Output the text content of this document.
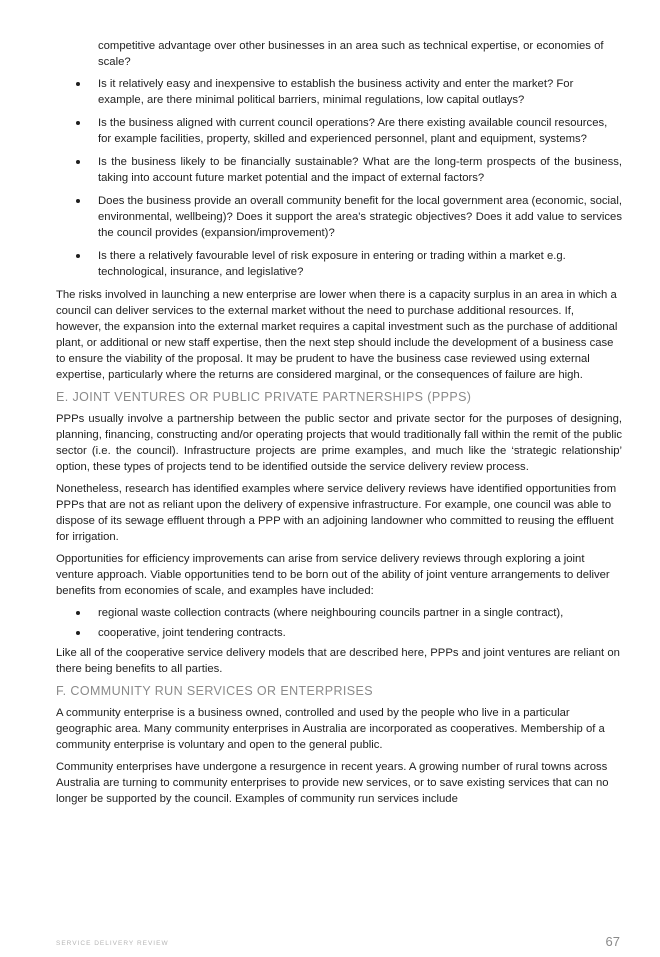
competitive advantage over other businesses in an area such as technical expertise, or economies of scale?

Is it relatively easy and inexpensive to establish the business activity and enter the market? For example, are there minimal political barriers, minimal regulations, low capital outlays?
Is the business aligned with current council operations? Are there existing available council resources, for example facilities, property, skilled and experienced personnel, plant and equipment, systems?
Is the business likely to be financially sustainable? What are the long-term prospects of the business, taking into account future market potential and the impact of external factors?
Does the business provide an overall community benefit for the local government area (economic, social, environmental, wellbeing)? Does it support the area's strategic objectives? Does it add value to services the council provides (expansion/improvement)?
Is there a relatively favourable level of risk exposure in entering or trading within a market e.g. technological, insurance, and legislative?

The risks involved in launching a new enterprise are lower when there is a capacity surplus in an area in which a council can deliver services to the external market without the need to purchase additional resources. If, however, the expansion into the external market requires a capital investment such as the purchase of additional plant, or additional or new staff expertise, then the next step should include the development of a business case to ensure the viability of the proposal. It may be prudent to have the business case reviewed using external expertise, particularly where the returns are considered marginal, or the consequences of failure are high.

E. JOINT VENTURES OR PUBLIC PRIVATE PARTNERSHIPS (PPPS)

PPPs usually involve a partnership between the public sector and private sector for the purposes of designing, planning, financing, constructing and/or operating projects that would traditionally fall within the remit of the public sector (i.e. the council). Infrastructure projects are prime examples, and much like the ‘strategic relationship’ option, these types of projects tend to be identified outside the service delivery review process.

Nonetheless, research has identified examples where service delivery reviews have identified opportunities from PPPs that are not as reliant upon the delivery of expensive infrastructure. For example, one council was able to dispose of its sewage effluent through a PPP with an adjoining landowner who committed to reusing the effluent for irrigation.

Opportunities for efficiency improvements can arise from service delivery reviews through exploring a joint venture approach. Viable opportunities tend to be born out of the ability of joint venture arrangements to deliver benefits from economies of scale, and examples have included:

regional waste collection contracts (where neighbouring councils partner in a single contract),
cooperative, joint tendering contracts.

Like all of the cooperative service delivery models that are described here, PPPs and joint ventures are reliant on there being benefits to all parties.

F. COMMUNITY RUN SERVICES OR ENTERPRISES

A community enterprise is a business owned, controlled and used by the people who live in a particular geographic area. Many community enterprises in Australia are incorporated as cooperatives. Membership of a community enterprise is voluntary and open to the general public.

Community enterprises have undergone a resurgence in recent years. A growing number of rural towns across Australia are turning to community enterprises to provide new services, or to save existing services that can no longer be supported by the council. Examples of community run services include

SERVICE DELIVERY REVIEW	67
